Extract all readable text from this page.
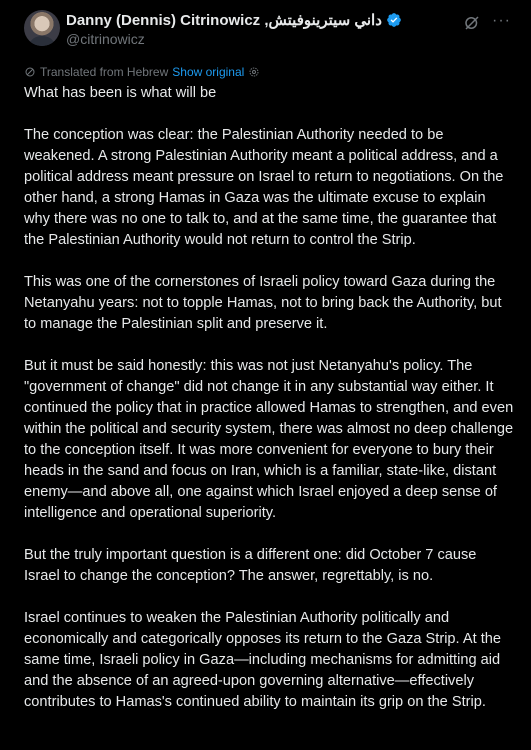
Danny (Dennis) Citrinowicz ,داني سيترينوفيتش
@citrinowicz
···
Translated from Hebrew Show original

What has been is what will be

The conception was clear: the Palestinian Authority needed to be weakened. A strong Palestinian Authority meant a political address, and a political address meant pressure on Israel to return to negotiations. On the other hand, a strong Hamas in Gaza was the ultimate excuse to explain why there was no one to talk to, and at the same time, the guarantee that the Palestinian Authority would not return to control the Strip.

This was one of the cornerstones of Israeli policy toward Gaza during the Netanyahu years: not to topple Hamas, not to bring back the Authority, but to manage the Palestinian split and preserve it.

But it must be said honestly: this was not just Netanyahu's policy. The "government of change" did not change it in any substantial way either. It continued the policy that in practice allowed Hamas to strengthen, and even within the political and security system, there was almost no deep challenge to the conception itself. It was more convenient for everyone to bury their heads in the sand and focus on Iran, which is a familiar, state-like, distant enemy—and above all, one against which Israel enjoyed a deep sense of intelligence and operational superiority.

But the truly important question is a different one: did October 7 cause Israel to change the conception? The answer, regrettably, is no.

Israel continues to weaken the Palestinian Authority politically and economically and categorically opposes its return to the Gaza Strip. At the same time, Israeli policy in Gaza—including mechanisms for admitting aid and the absence of an agreed-upon governing alternative—effectively contributes to Hamas's continued ability to maintain its grip on the Strip.
